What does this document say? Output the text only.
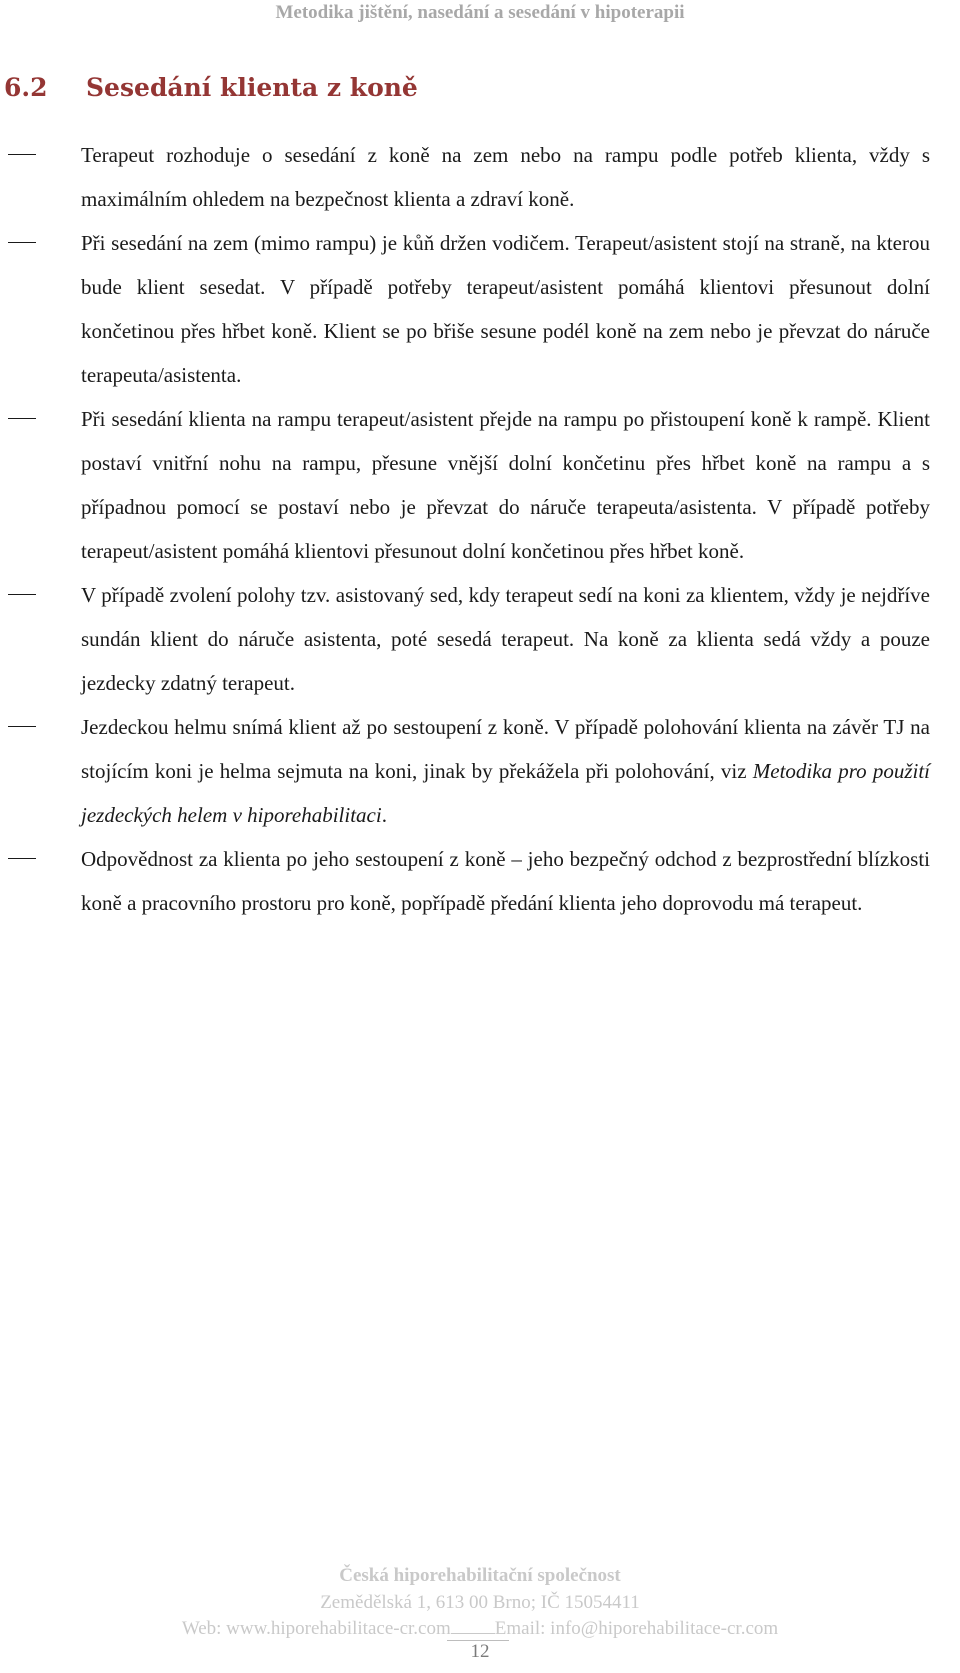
Metodika jištění, nasedání a sesedání v hipoterapii
6.2 Sesedání klienta z koně
Terapeut rozhoduje o sesedání z koně na zem nebo na rampu podle potřeb klienta, vždy s maximálním ohledem na bezpečnost klienta a zdraví koně.
Při sesedání na zem (mimo rampu) je kůň držen vodičem. Terapeut/asistent stojí na straně, na kterou bude klient sesedat. V případě potřeby terapeut/asistent pomáhá klientovi přesunout dolní končetinou přes hřbet koně. Klient se po břiše sesune podél koně na zem nebo je převzat do náruče terapeuta/asistenta.
Při sesedání klienta na rampu terapeut/asistent přejde na rampu po přistoupení koně k rampě. Klient postaví vnitřní nohu na rampu, přesune vnější dolní končetinu přes hřbet koně na rampu a s případnou pomocí se postaví nebo je převzat do náruče terapeuta/asistenta. V případě potřeby terapeut/asistent pomáhá klientovi přesunout dolní končetinou přes hřbet koně.
V případě zvolení polohy tzv. asistovaný sed, kdy terapeut sedí na koni za klientem, vždy je nejdříve sundán klient do náruče asistenta, poté sesedá terapeut. Na koně za klienta sedá vždy a pouze jezdecky zdatný terapeut.
Jezdeckou helmu snímá klient až po sestoupení z koně. V případě polohování klienta na závěr TJ na stojícím koni je helma sejmuta na koni, jinak by překážela při polohování, viz Metodika pro použití jezdeckých helem v hiporehabilitaci.
Odpovědnost za klienta po jeho sestoupení z koně – jeho bezpečný odchod z bezprostřední blízkosti koně a pracovního prostoru pro koně, popřípadě předání klienta jeho doprovodu má terapeut.
Česká hiporehabilitační společnost
Zemědělská 1, 613 00 Brno; IČ 15054411
Web: www.hiporehabilitace-cr.com Email: info@hiporehabilitace-cr.com
12
